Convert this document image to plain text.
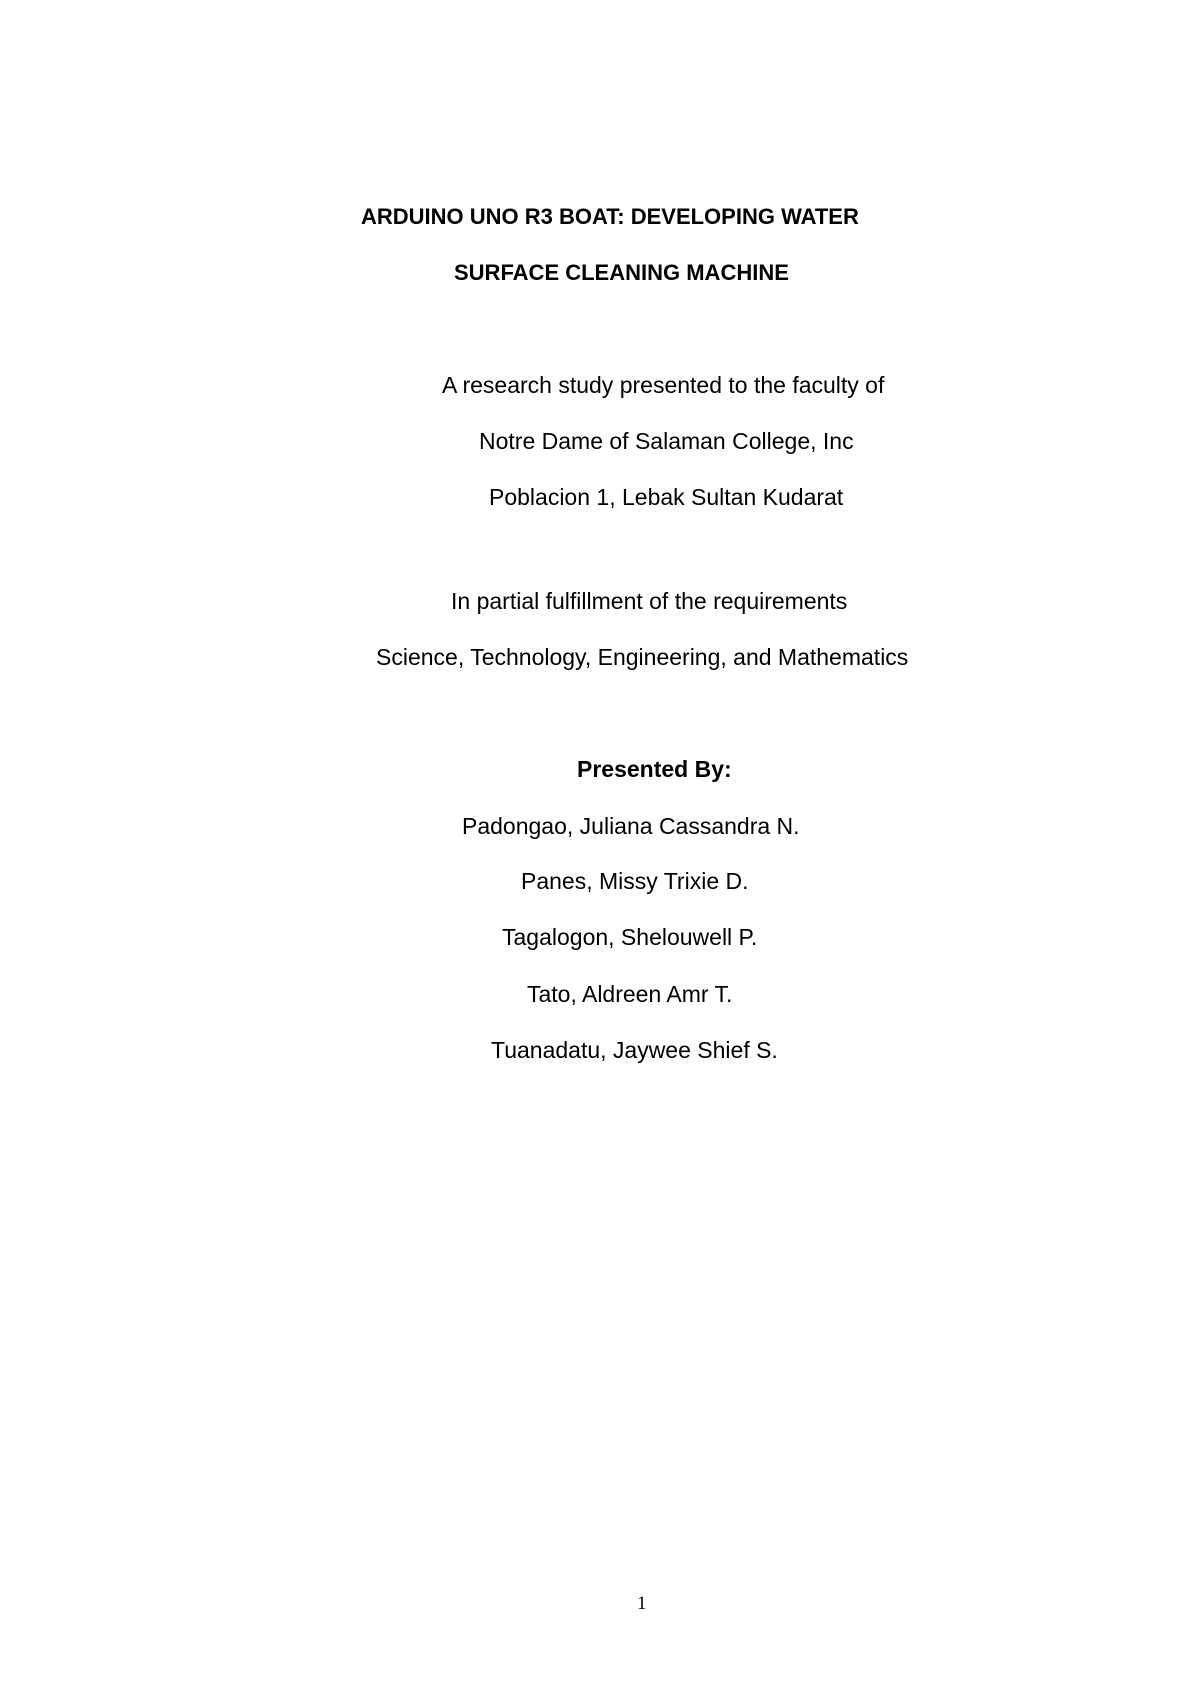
ARDUINO UNO R3 BOAT: DEVELOPING WATER
SURFACE CLEANING MACHINE
A research study presented to the faculty of
Notre Dame of Salaman College, Inc
Poblacion 1, Lebak Sultan Kudarat
In partial fulfillment of the requirements
Science, Technology, Engineering, and Mathematics
Presented By:
Padongao, Juliana Cassandra N.
Panes, Missy Trixie D.
Tagalogon, Shelouwell P.
Tato, Aldreen Amr T.
Tuanadatu, Jaywee Shief S.
1
